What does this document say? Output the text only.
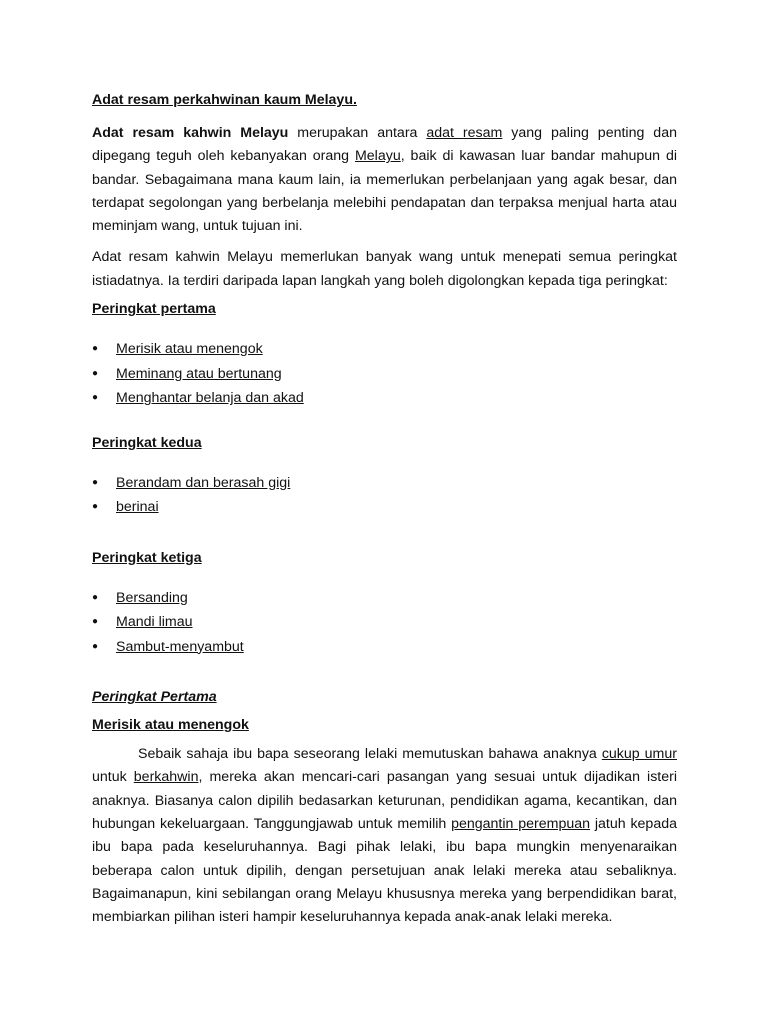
Adat resam perkahwinan kaum Melayu.

Adat resam kahwin Melayu merupakan antara adat resam yang paling penting dan dipegang teguh oleh kebanyakan orang Melayu, baik di kawasan luar bandar mahupun di bandar. Sebagaimana mana kaum lain, ia memerlukan perbelanjaan yang agak besar, dan terdapat segolongan yang berbelanja melebihi pendapatan dan terpaksa menjual harta atau meminjam wang, untuk tujuan ini.

Adat resam kahwin Melayu memerlukan banyak wang untuk menepati semua peringkat istiadatnya. Ia terdiri daripada lapan langkah yang boleh digolongkan kepada tiga peringkat:

Peringkat pertama
● Merisik atau menengok
● Meminang atau bertunang
● Menghantar belanja dan akad
Peringkat kedua
● Berandam dan berasah gigi
● berinai
Peringkat ketiga
● Bersanding
● Mandi limau
● Sambut-menyambut
Peringkat Pertama
Merisik atau menengok

Sebaik sahaja ibu bapa seseorang lelaki memutuskan bahawa anaknya cukup umur untuk berkahwin, mereka akan mencari-cari pasangan yang sesuai untuk dijadikan isteri anaknya. Biasanya calon dipilih bedasarkan keturunan, pendidikan agama, kecantikan, dan hubungan kekeluargaan. Tanggungjawab untuk memilih pengantin perempuan jatuh kepada ibu bapa pada keseluruhannya. Bagi pihak lelaki, ibu bapa mungkin menyenaraikan beberapa calon untuk dipilih, dengan persetujuan anak lelaki mereka atau sebaliknya. Bagaimanapun, kini sebilangan orang Melayu khususnya mereka yang berpendidikan barat, membiarkan pilihan isteri hampir keseluruhannya kepada anak-anak lelaki mereka.
